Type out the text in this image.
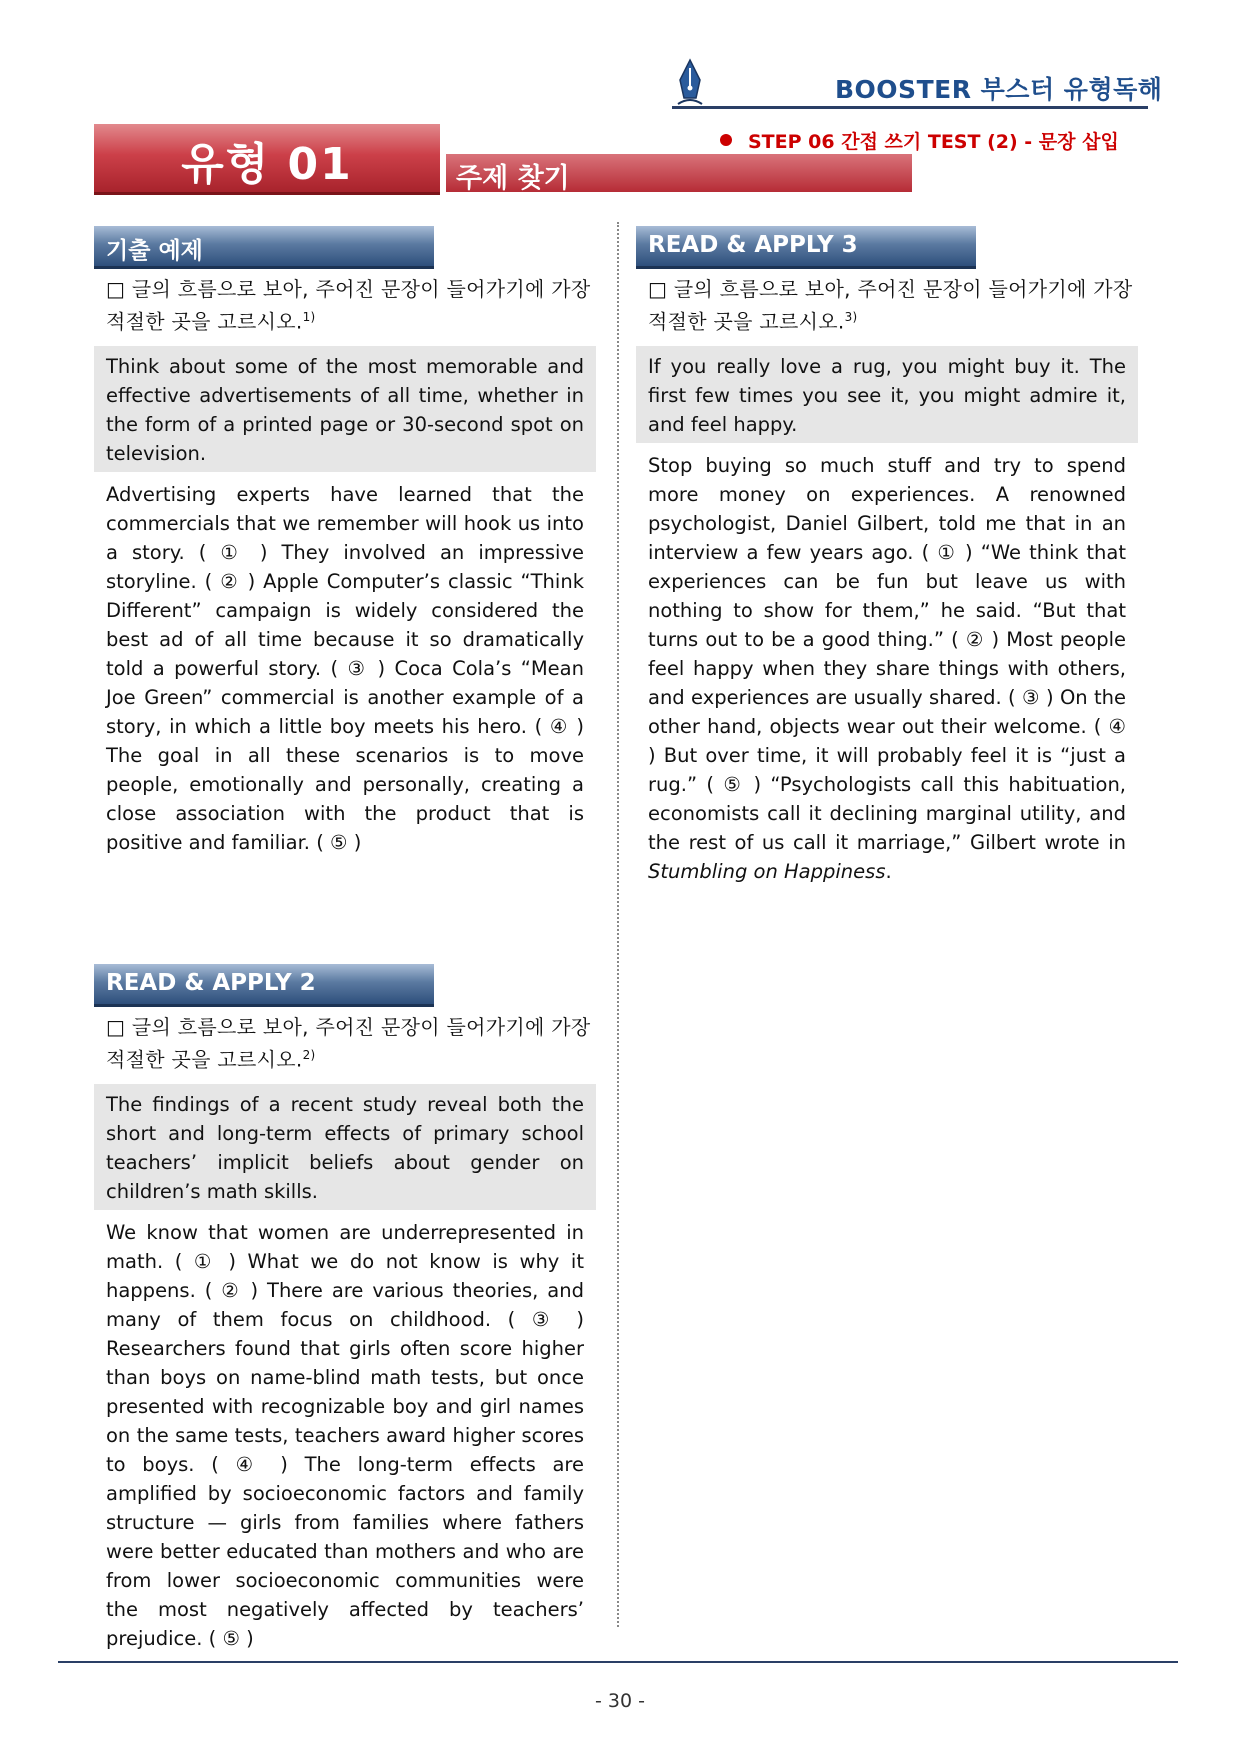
BOOSTER 부스터 유형독해
유형 01	주제 찾기
STEP 06 간접 쓰기 TEST (2) - 문장 삽입
기출 예제
□ 글의 흐름으로 보아, 주어진 문장이 들어가기에 가장 적절한 곳을 고르시오.$^{1)}$
Think about some of the most memorable and effective advertisements of all time, whether in the form of a printed page or 30-second spot on television.
Advertising experts have learned that the commercials that we remember will hook us into a story. ( ① ) They involved an impressive storyline. ( ② ) Apple Computer’s classic “Think Different” campaign is widely considered the best ad of all time because it so dramatically told a powerful story. ( ③ ) Coca Cola’s “Mean Joe Green” commercial is another example of a story, in which a little boy meets his hero. ( ④ ) The goal in all these scenarios is to move people, emotionally and personally, creating a close association with the product that is positive and familiar. ( ⑤ )
READ & APPLY 2
□ 글의 흐름으로 보아, 주어진 문장이 들어가기에 가장 적절한 곳을 고르시오.$^{2)}$
The findings of a recent study reveal both the short and long-term effects of primary school teachers’ implicit beliefs about gender on children’s math skills.
We know that women are underrepresented in math. ( ① ) What we do not know is why it happens. ( ② ) There are various theories, and many of them focus on childhood. ( ③ ) Researchers found that girls often score higher than boys on name-blind math tests, but once presented with recognizable boy and girl names on the same tests, teachers award higher scores to boys. ( ④ ) The long-term effects are amplified by socioeconomic factors and family structure — girls from families where fathers were better educated than mothers and who are from lower socioeconomic communities were the most negatively affected by teachers’ prejudice. ( ⑤ )
READ & APPLY 3
□ 글의 흐름으로 보아, 주어진 문장이 들어가기에 가장 적절한 곳을 고르시오.$^{3)}$
If you really love a rug, you might buy it. The first few times you see it, you might admire it, and feel happy.
Stop buying so much stuff and try to spend more money on experiences. A renowned psychologist, Daniel Gilbert, told me that in an interview a few years ago. ( ① ) “We think that experiences can be fun but leave us with nothing to show for them,” he said. “But that turns out to be a good thing.” ( ② ) Most people feel happy when they share things with others, and experiences are usually shared. ( ③ ) On the other hand, objects wear out their welcome. ( ④ ) But over time, it will probably feel it is “just a rug.” ( ⑤ ) “Psychologists call this habituation, economists call it declining marginal utility, and the rest of us call it marriage,” Gilbert wrote in Stumbling on Happiness.
- 30 -
